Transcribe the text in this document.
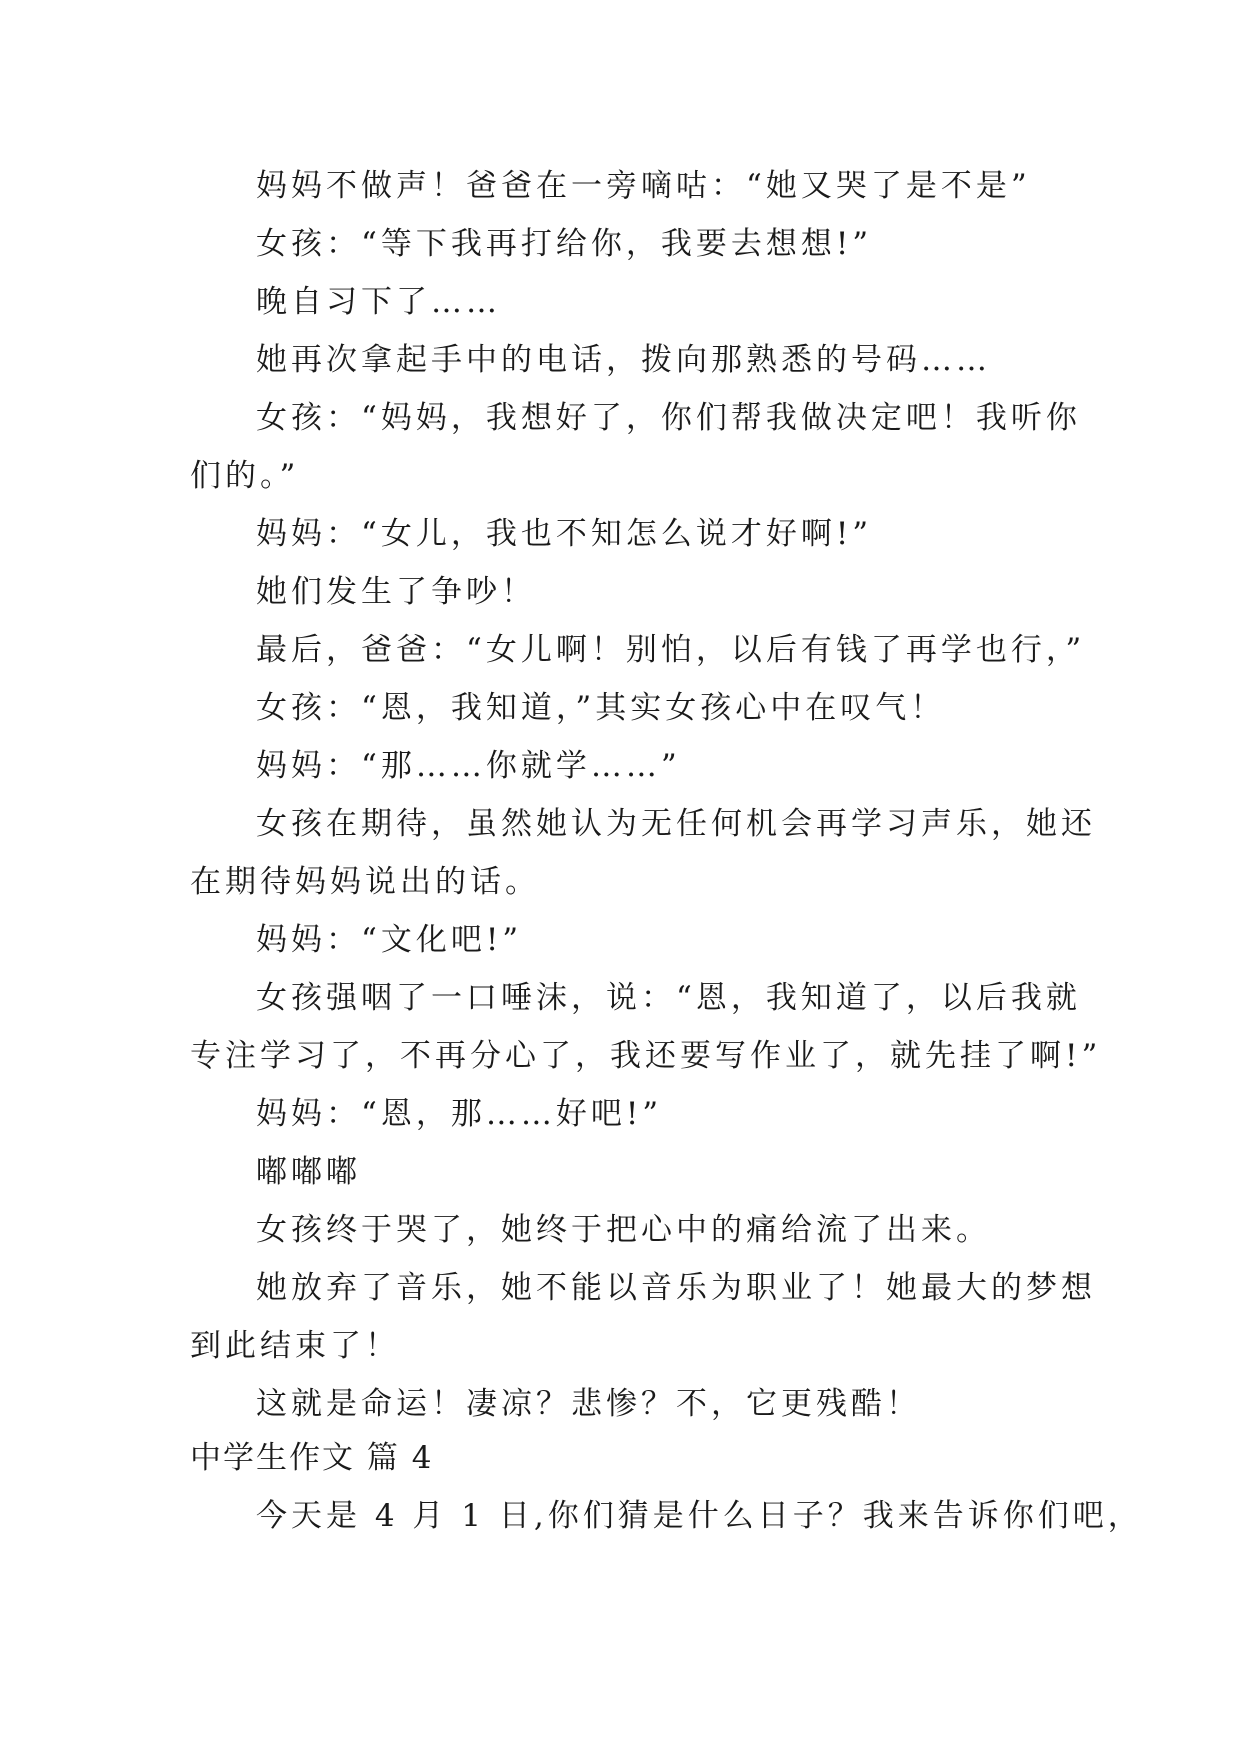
妈妈不做声！爸爸在一旁嘀咕：“她又哭了是不是”

女孩：“等下我再打给你，我要去想想!”

晚自习下了……

她再次拿起手中的电话，拨向那熟悉的号码……

女孩：“妈妈，我想好了，你们帮我做决定吧！我听你

们的。”

妈妈：“女儿，我也不知怎么说才好啊!”

她们发生了争吵！

最后，爸爸：“女儿啊！别怕，以后有钱了再学也行，”

女孩：“恩，我知道，”其实女孩心中在叹气！

妈妈：“那……你就学……”

女孩在期待，虽然她认为无任何机会再学习声乐，她还

在期待妈妈说出的话。

妈妈：“文化吧!”

女孩强咽了一口唾沫，说：“恩，我知道了，以后我就

专注学习了，不再分心了，我还要写作业了，就先挂了啊!”

妈妈：“恩，那……好吧!”

嘟嘟嘟

女孩终于哭了，她终于把心中的痛给流了出来。

她放弃了音乐，她不能以音乐为职业了！她最大的梦想

到此结束了！

这就是命运！凄凉？悲惨？不，它更残酷！

中学生作文 篇 4

今天是 4 月 1 日,你们猜是什么日子？我来告诉你们吧，
